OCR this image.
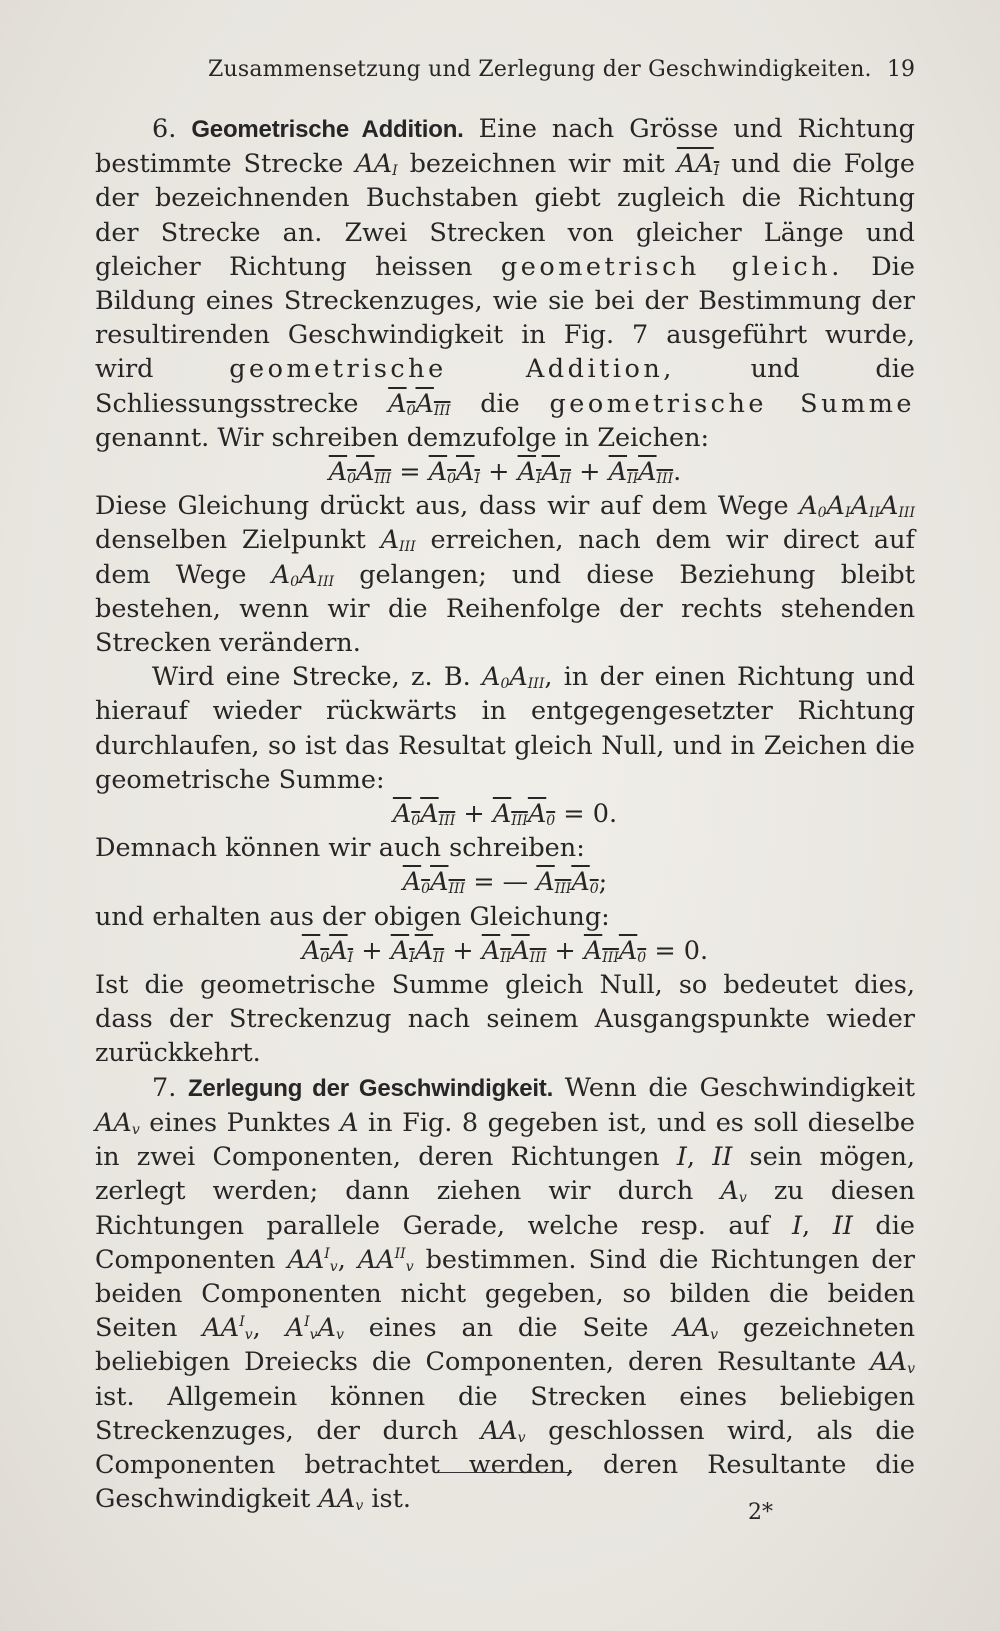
Zusammensetzung und Zerlegung der Geschwindigkeiten. 19

6. Geometrische Addition. Eine nach Grösse und Richtung bestimmte Strecke $AA_I$ bezeichnen wir mit $AA_I$ und die Folge der bezeichnenden Buchstaben giebt zugleich die Richtung der Strecke an. Zwei Strecken von gleicher Länge und gleicher Richtung heissen geometrisch gleich. Die Bildung eines Streckenzuges, wie sie bei der Bestimmung der resultirenden Geschwindigkeit in Fig. 7 ausgeführt wurde, wird geometrische Addition, und die Schliessungsstrecke $A_0A_{III}$ die geometrische Summe genannt. Wir schreiben demzufolge in Zeichen:

$A_0A_{III} = A_0A_I + A_IA_{II} + A_{II}A_{III}$.

Diese Gleichung drückt aus, dass wir auf dem Wege $A_0A_IA_{II}A_{III}$ denselben Zielpunkt $A_{III}$ erreichen, nach dem wir direct auf dem Wege $A_0A_{III}$ gelangen; und diese Beziehung bleibt bestehen, wenn wir die Reihenfolge der rechts stehenden Strecken verändern.

Wird eine Strecke, z. B. $A_0A_{III}$, in der einen Richtung und hierauf wieder rückwärts in entgegengesetzter Richtung durchlaufen, so ist das Resultat gleich Null, und in Zeichen die geometrische Summe:

$A_0A_{III} + A_{III}A_0 = 0$.

Demnach können wir auch schreiben:

$A_0A_{III}$ = — $A_{III}A_0$;

und erhalten aus der obigen Gleichung:

$A_0A_I + A_IA_{II} + A_{II}A_{III} + A_{III}A_0 = 0$.

Ist die geometrische Summe gleich Null, so bedeutet dies, dass der Streckenzug nach seinem Ausgangspunkte wieder zurückkehrt.

7. Zerlegung der Geschwindigkeit. Wenn die Geschwindigkeit $AA_v$ eines Punktes A in Fig. 8 gegeben ist, und es soll dieselbe in zwei Componenten, deren Richtungen I, II sein mögen, zerlegt werden; dann ziehen wir durch $A_v$ zu diesen Richtungen parallele Gerade, welche resp. auf I, II die Componenten $AA^I_v$, $AA^{II}_v$ bestimmen. Sind die Richtungen der beiden Componenten nicht gegeben, so bilden die beiden Seiten $AA^I_v$, $A^I_vA_v$ eines an die Seite $AA_v$ gezeichneten beliebigen Dreiecks die Componenten, deren Resultante $AA_v$ ist. Allgemein können die Strecken eines beliebigen Streckenzuges, der durch $AA_v$ geschlossen wird, als die Componenten betrachtet werden, deren Resultante die Geschwindigkeit $AA_v$ ist.	2*
